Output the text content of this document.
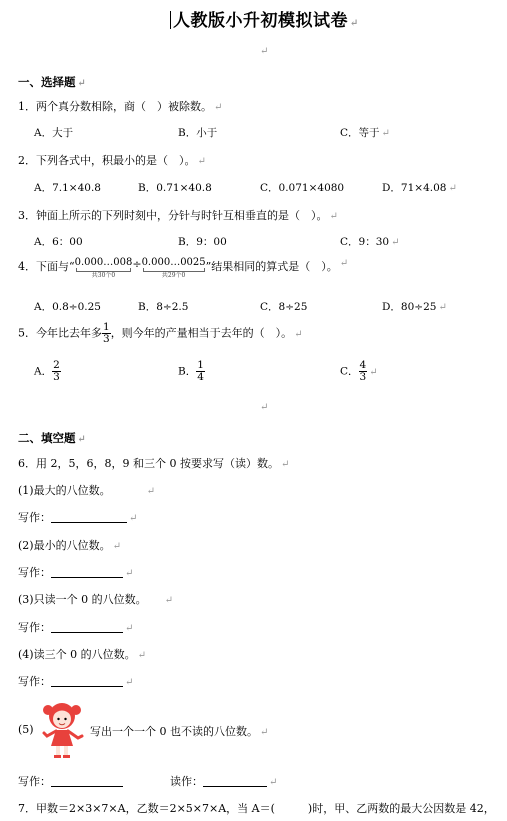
人教版小升初模拟试卷 ↵
↵
一、选择题 ↵
1．两个真分数相除，商（　）被除数。 ↵
A．大于	B．小于	C．等于 ↵
2．下列各式中，积最小的是（　）。 ↵
A．7.1×40.8	B．0.71×40.8	C．0.071×4080	D．71×4.08 ↵
3．钟面上所示的下列时刻中，分针与时针互相垂直的是（　）。 ↵
A．6：00	B．9：00	C．9：30 ↵
4．下面与“0.000…008
共30个0
÷0.000…0025
共29个0
”结果相同的算式是（　）。 ↵
A．0.8÷0.25	B．8÷2.5	C．8÷25	D．80÷25 ↵
5．今年比去年多 $\frac{1}{3}$ ，则今年的产量相当于去年的（　）。 ↵
A． $\frac{2}{3}$	B． $\frac{1}{4}$	C． $\frac{4}{3}$ ↵
↵
二、填空题 ↵
6．用 2，5，6，8，9 和三个 0 按要求写（读）数。 ↵
(1)最大的八位数。	↵
写作：	↵
(2)最小的八位数。 ↵
写作：	↵
(3)只读一个 0 的八位数。 ↵
写作：	↵
(4)读三个 0 的八位数。 ↵
写作：	↵
(5)	写出一个一个 0 也不读的八位数。 ↵
写作：	读作：	↵
7．甲数＝2×3×7×A，乙数＝2×5×7×A，当 A＝(　　　)时，甲、乙两数的最大公因数是 42，
